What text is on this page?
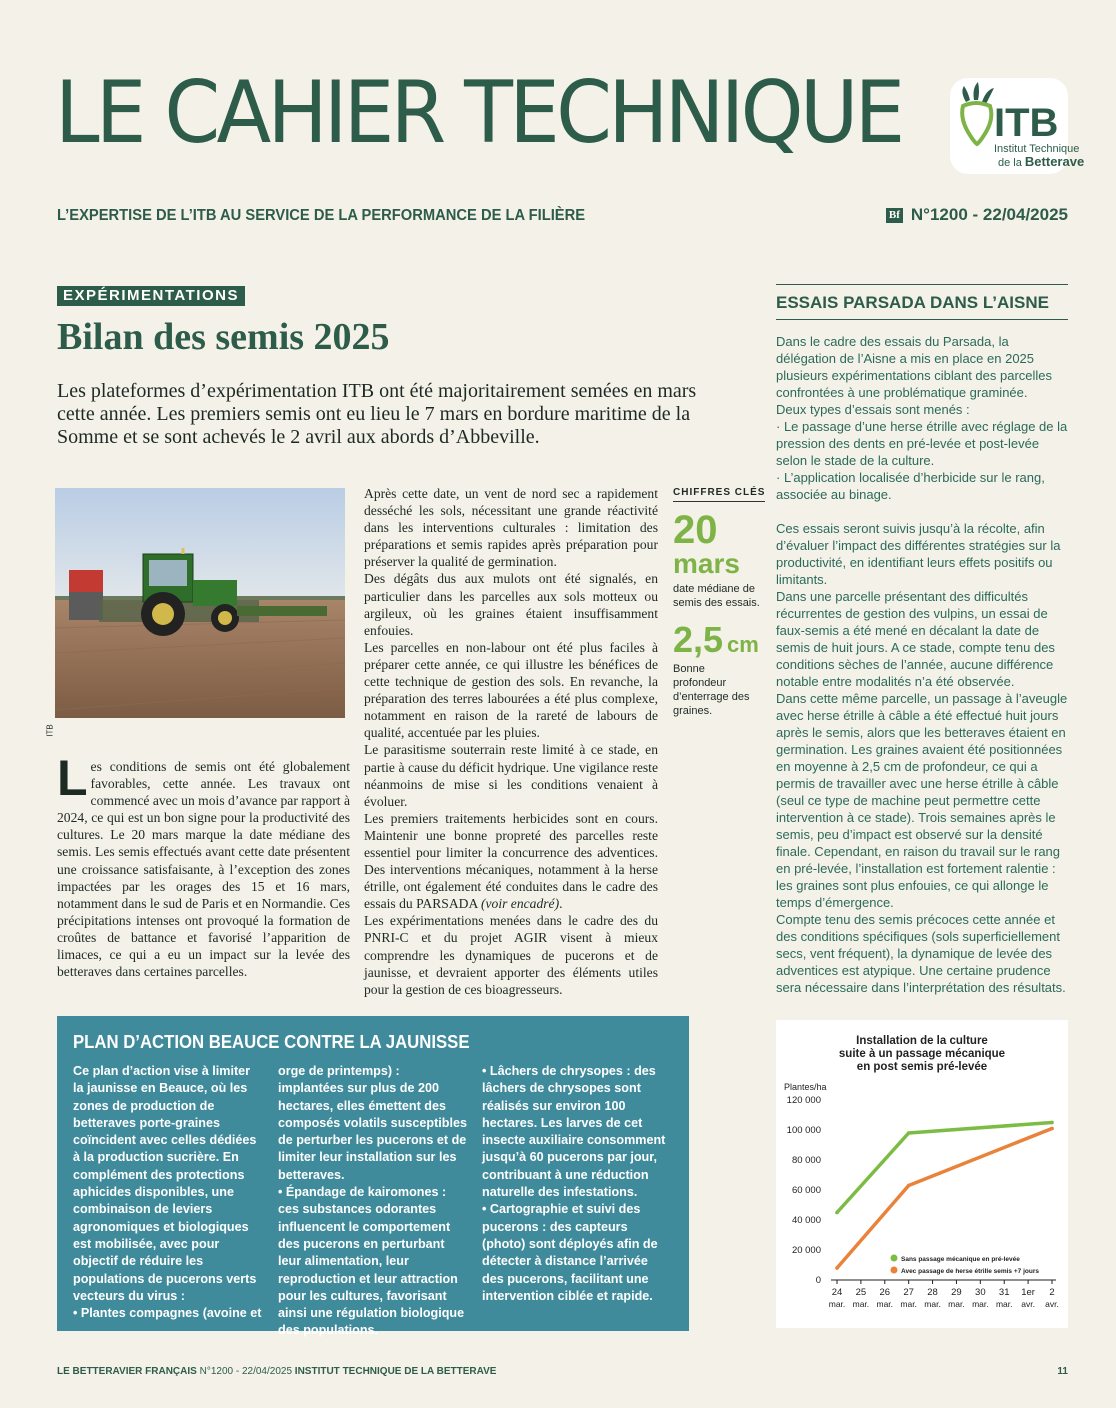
LE CAHIER TECHNIQUE ITB
Institut Technique
de la Betterave
L’EXPERTISE DE L’ITB AU SERVICE DE LA PERFORMANCE DE LA FILIÈRE	Bf N°1200 - 22/04/2025
EXPÉRIMENTATIONS
Bilan des semis 2025

Les plateformes d’expérimentation ITB ont été majoritairement semées en mars cette année. Les premiers semis ont eu lieu le 7 mars en bordure maritime de la Somme et se sont achevés le 2 avril aux abords d’Abbeville.

ITB
Les conditions de semis ont été globalement favorables, cette année. Les travaux ont commencé avec un mois d’avance par rapport à 2024, ce qui est un bon signe pour la productivité des cultures. Le 20 mars marque la date médiane des semis. Les semis effectués avant cette date présentent une croissance satisfaisante, à l’exception des zones impactées par les orages des 15 et 16 mars, notamment dans le sud de Paris et en Normandie. Ces précipitations intenses ont provoqué la formation de croûtes de battance et favorisé l’apparition de limaces, ce qui a eu un impact sur la levée des betteraves dans certaines parcelles.

Après cette date, un vent de nord sec a rapidement desséché les sols, nécessitant une grande réactivité dans les interventions culturales : limitation des préparations et semis rapides après préparation pour préserver la qualité de germination.

Des dégâts dus aux mulots ont été signalés, en particulier dans les parcelles aux sols motteux ou argileux, où les graines étaient insuffisamment enfouies.

Les parcelles en non-labour ont été plus faciles à préparer cette année, ce qui illustre les bénéfices de cette technique de gestion des sols. En revanche, la préparation des terres labourées a été plus complexe, notamment en raison de la rareté de labours de qualité, accentuée par les pluies.

Le parasitisme souterrain reste limité à ce stade, en partie à cause du déficit hydrique. Une vigilance reste néanmoins de mise si les conditions venaient à évoluer.

Les premiers traitements herbicides sont en cours. Maintenir une bonne propreté des parcelles reste essentiel pour limiter la concurrence des adventices. Des interventions mécaniques, notamment à la herse étrille, ont également été conduites dans le cadre des essais du PARSADA (voir encadré).

Les expérimentations menées dans le cadre des du PNRI-C et du projet AGIR visent à mieux comprendre les dynamiques de pucerons et de jaunisse, et devraient apporter des éléments utiles pour la gestion de ces bioagresseurs.

CHIFFRES CLÉS
20
mars
date médiane de semis des essais.
2,5 cm
Bonne profondeur d’enterrage des graines.
ESSAIS PARSADA DANS L’AISNE

Dans le cadre des essais du Parsada, la délégation de l’Aisne a mis en place en 2025 plusieurs expérimentations ciblant des parcelles confrontées à une problématique graminée.

Deux types d’essais sont menés :

· Le passage d’une herse étrille avec réglage de la pression des dents en pré-levée et post-levée selon le stade de la culture.

· L’application localisée d’herbicide sur le rang, associée au binage.

Ces essais seront suivis jusqu’à la récolte, afin d’évaluer l’impact des différentes stratégies sur la productivité, en identifiant leurs effets positifs ou limitants.

Dans une parcelle présentant des difficultés récurrentes de gestion des vulpins, un essai de faux-semis a été mené en décalant la date de semis de huit jours. A ce stade, compte tenu des conditions sèches de l’année, aucune différence notable entre modalités n’a été observée.

Dans cette même parcelle, un passage à l’aveugle avec herse étrille à câble a été effectué huit jours après le semis, alors que les betteraves étaient en germination. Les graines avaient été positionnées en moyenne à 2,5 cm de profondeur, ce qui a permis de travailler avec une herse étrille à câble (seul ce type de machine peut permettre cette intervention à ce stade). Trois semaines après le semis, peu d’impact est observé sur la densité finale. Cependant, en raison du travail sur le rang en pré-levée, l’installation est fortement ralentie : les graines sont plus enfouies, ce qui allonge le temps d’émergence.

Compte tenu des semis précoces cette année et des conditions spécifiques (sols superficiellement secs, vent fréquent), la dynamique de levée des adventices est atypique. Une certaine prudence sera nécessaire dans l’interprétation des résultats.

PLAN D’ACTION BEAUCE CONTRE LA JAUNISSE
Ce plan d’action vise à limiter la jaunisse en Beauce, où les zones de production de betteraves porte-graines coïncident avec celles dédiées à la production sucrière. En complément des protections aphicides disponibles, une combinaison de leviers agronomiques et biologiques est mobilisée, avec pour objectif de réduire les populations de pucerons verts vecteurs du virus :
• Plantes compagnes (avoine et
orge de printemps) : implantées sur plus de 200 hectares, elles émettent des composés volatils susceptibles de perturber les pucerons et de limiter leur installation sur les betteraves.
• Épandage de kairomones : ces substances odorantes influencent le comportement des pucerons en perturbant leur alimentation, leur reproduction et leur attraction pour les cultures, favorisant ainsi une régulation biologique des populations.
• Lâchers de chrysopes : des lâchers de chrysopes sont réalisés sur environ 100 hectares. Les larves de cet insecte auxiliaire consomment jusqu’à 60 pucerons par jour, contribuant à une réduction naturelle des infestations.
• Cartographie et suivi des pucerons : des capteurs (photo) sont déployés afin de détecter à distance l’arrivée des pucerons, facilitant une intervention ciblée et rapide.
Installation de la culture
suite à un passage mécanique
en post semis pré-levée
Plantes/ha
0
20 000
40 000
60 000
80 000
100 000
120 000
24
mar.
25
mar.
26
mar.
27
mar.
28
mar.
29
mar.
30
mar.
31
mar.
1er
avr.
2
avr.
Sans passage mécanique en pré-levée
Avec passage de herse étrille semis +7 jours
LE BETTERAVIER FRANÇAIS N°1200 - 22/04/2025 INSTITUT TECHNIQUE DE LA BETTERAVE	11
